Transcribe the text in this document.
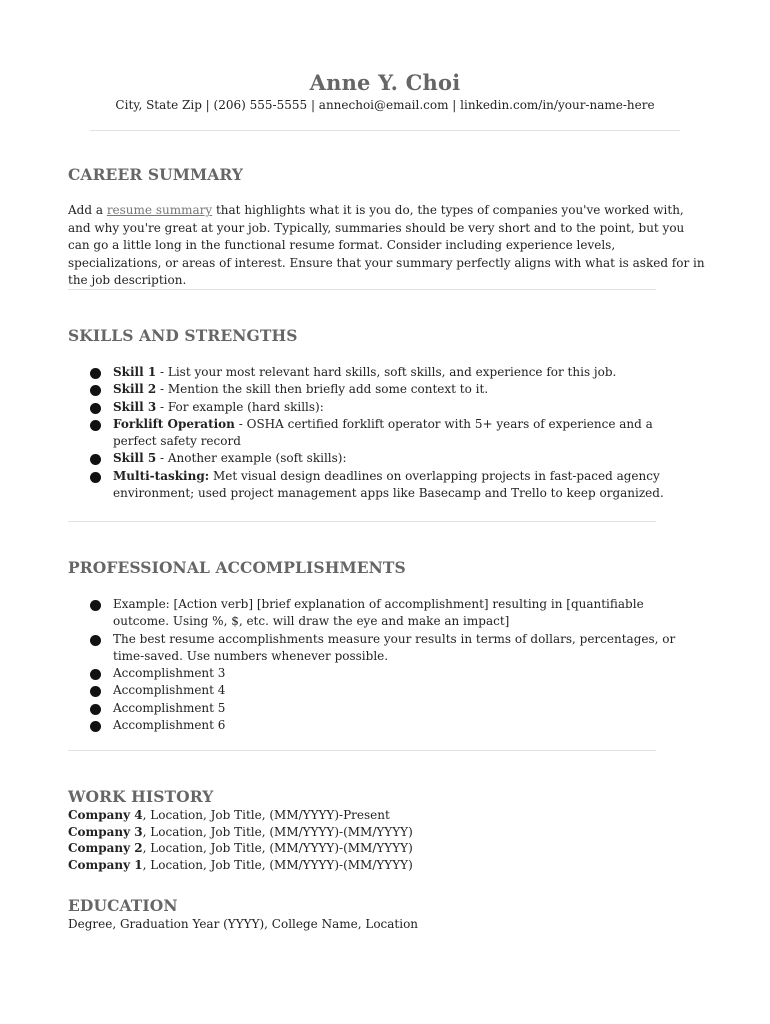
Anne Y. Choi
City, State Zip | (206) 555-5555 | annechoi@email.com | linkedin.com/in/your-name-here
CAREER SUMMARY
Add a resume summary that highlights what it is you do, the types of companies you've worked with, and why you're great at your job. Typically, summaries should be very short and to the point, but you can go a little long in the functional resume format. Consider including experience levels, specializations, or areas of interest. Ensure that your summary perfectly aligns with what is asked for in the job description.
SKILLS AND STRENGTHS
Skill 1 - List your most relevant hard skills, soft skills, and experience for this job.
Skill 2 - Mention the skill then briefly add some context to it.
Skill 3 - For example (hard skills):
Forklift Operation - OSHA certified forklift operator with 5+ years of experience and a perfect safety record
Skill 5 - Another example (soft skills):
Multi-tasking: Met visual design deadlines on overlapping projects in fast-paced agency environment; used project management apps like Basecamp and Trello to keep organized.
PROFESSIONAL ACCOMPLISHMENTS
Example: [Action verb] [brief explanation of accomplishment] resulting in [quantifiable outcome. Using %, $, etc. will draw the eye and make an impact]
The best resume accomplishments measure your results in terms of dollars, percentages, or time-saved. Use numbers whenever possible.
Accomplishment 3
Accomplishment 4
Accomplishment 5
Accomplishment 6
WORK HISTORY
Company 4, Location, Job Title, (MM/YYYY)-Present
Company 3, Location, Job Title, (MM/YYYY)-(MM/YYYY)
Company 2, Location, Job Title, (MM/YYYY)-(MM/YYYY)
Company 1, Location, Job Title, (MM/YYYY)-(MM/YYYY)
EDUCATION
Degree, Graduation Year (YYYY), College Name, Location
